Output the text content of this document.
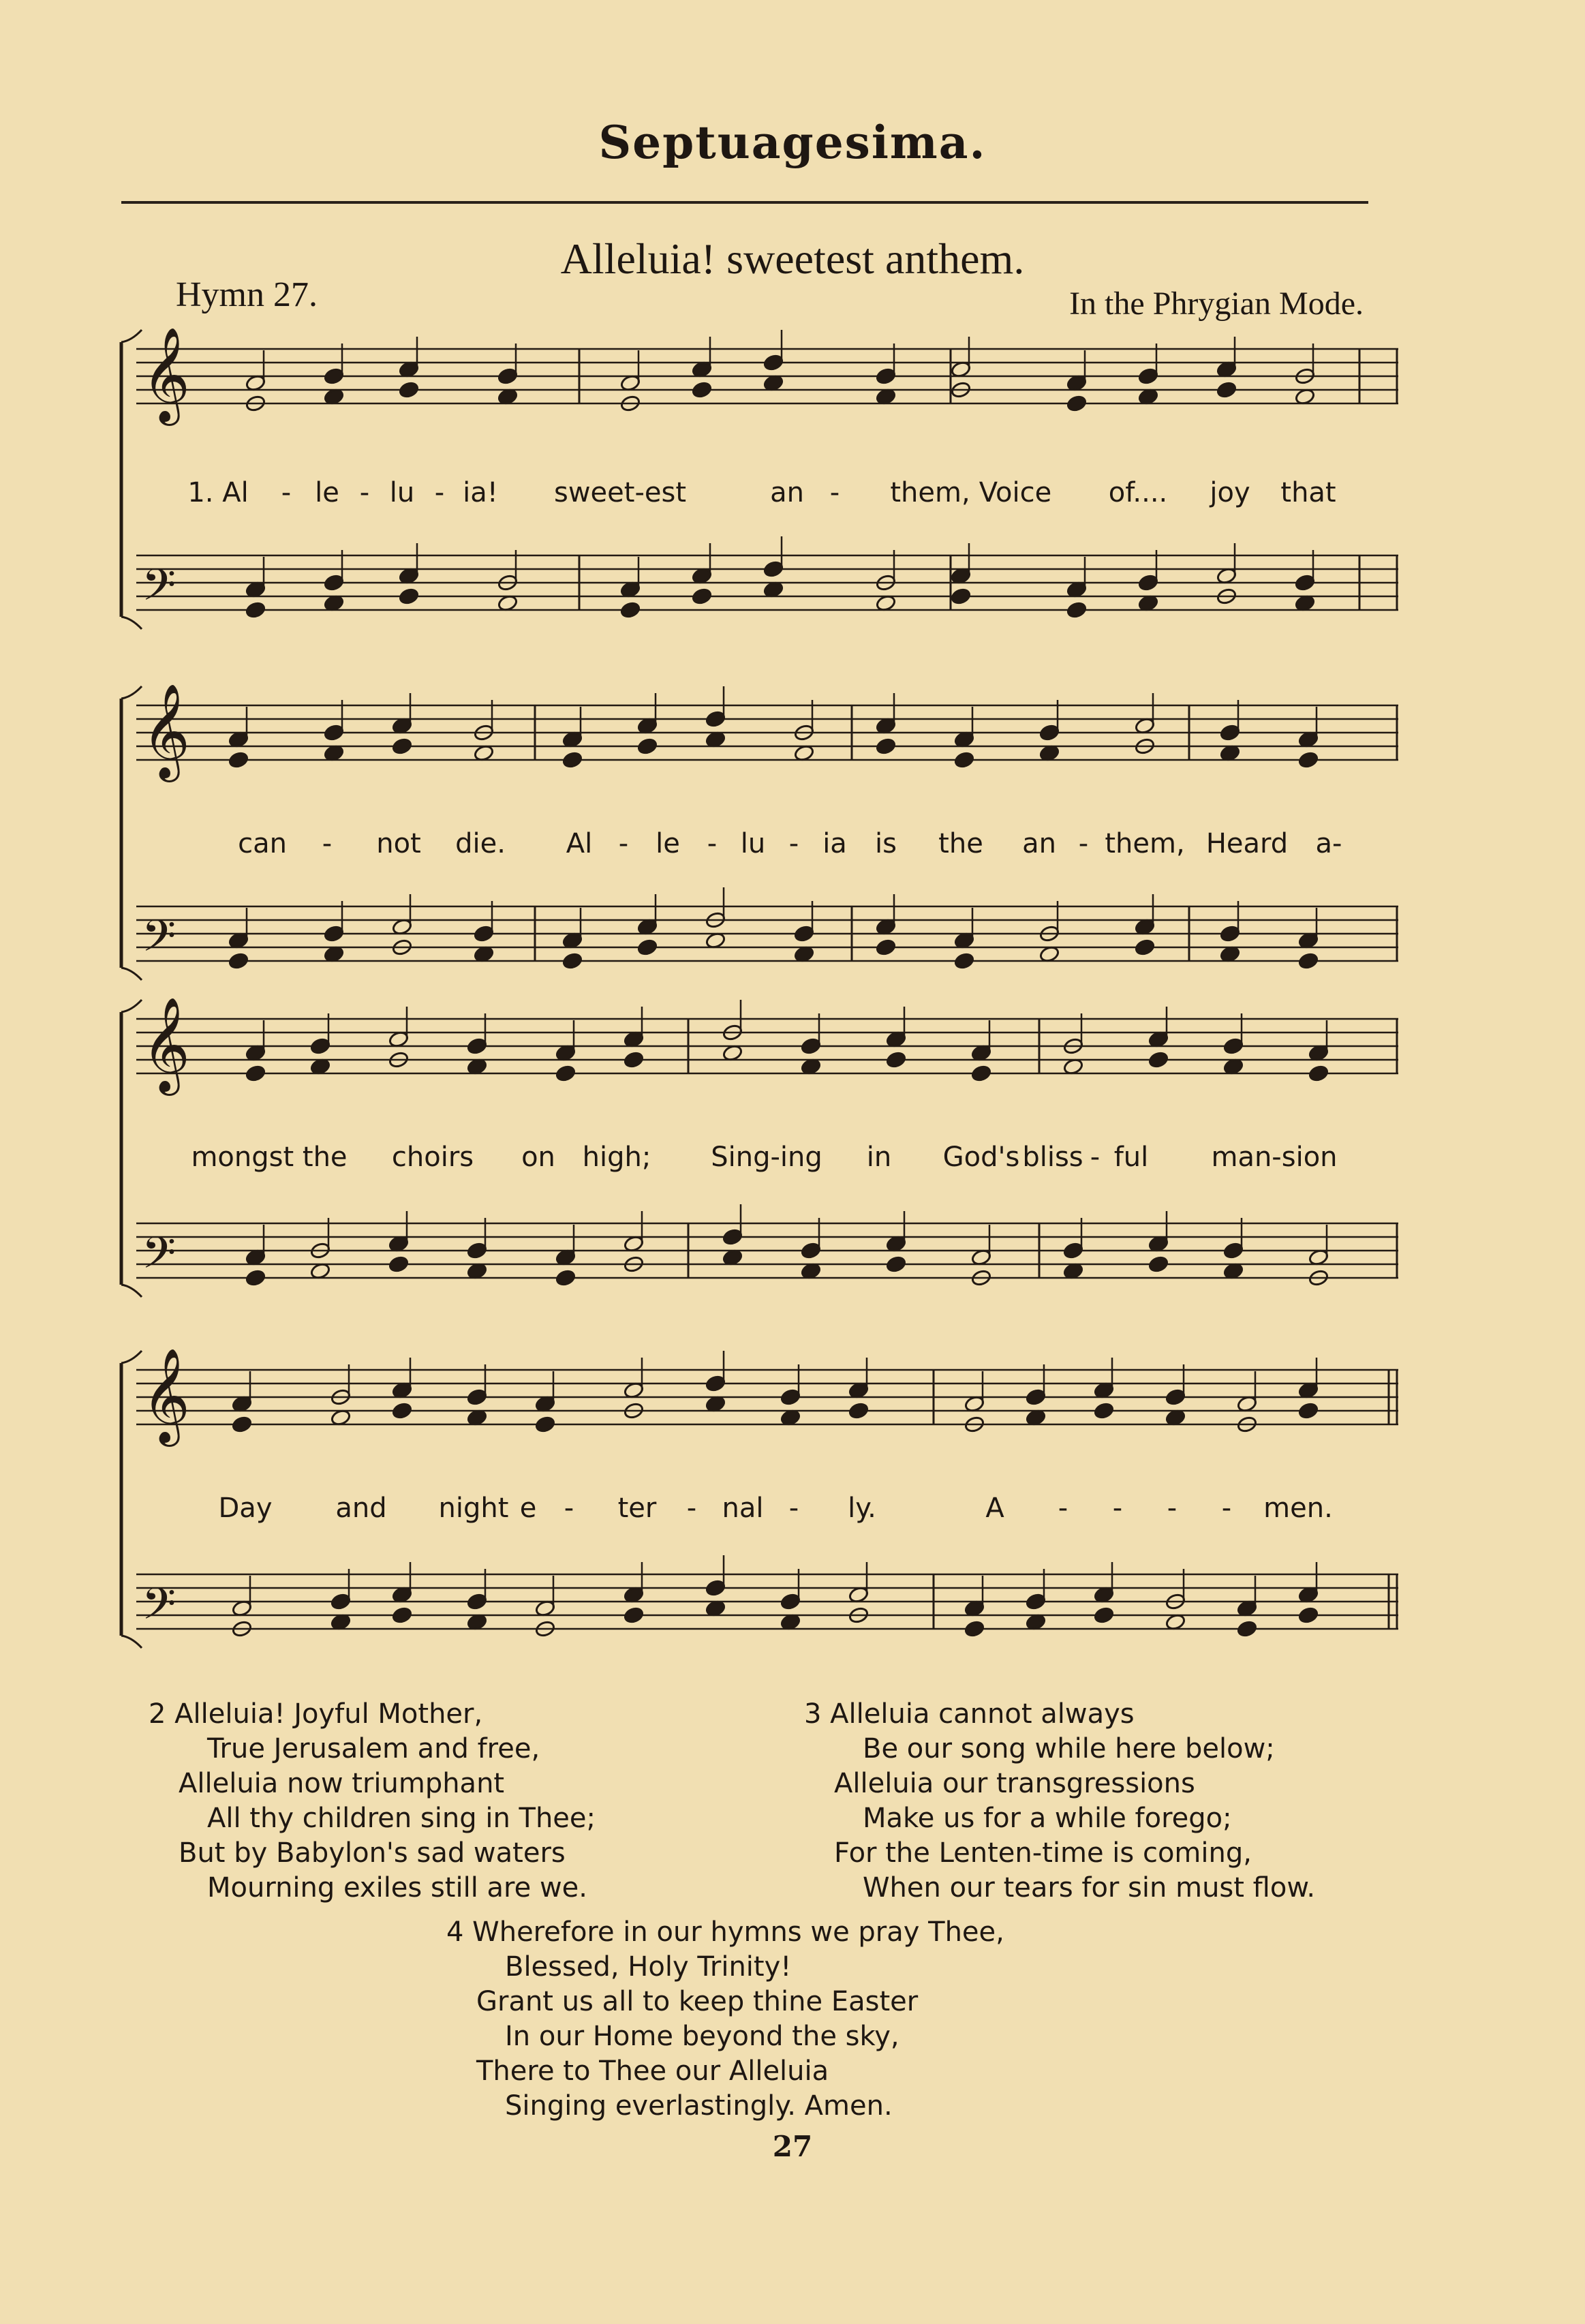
Septuagesima.
Alleluia! sweetest anthem.
Hymn 27.	In the Phrygian Mode.
𝄞
𝄢
𝄞
𝄢
𝄞
𝄢
𝄞
𝄢
1. Al - le - lu - ia! sweet-est	an - them, Voice of.... joy that
can - not die. Al - le - lu - ia is the an - them, Heard a-
mongst the choirs on high; Sing-ing in God's bliss - ful man-sion
Day and night e - ter - nal - ly.	A - - - - men.
2 Alleluia! Joyful Mother,
True Jerusalem and free,
Alleluia now triumphant
All thy children sing in Thee;
But by Babylon's sad waters
Mourning exiles still are we.
3 Alleluia cannot always
Be our song while here below;
Alleluia our transgressions
Make us for a while forego;
For the Lenten-time is coming,
When our tears for sin must flow.
4 Wherefore in our hymns we pray Thee,
Blessed, Holy Trinity!
Grant us all to keep thine Easter
In our Home beyond the sky,
There to Thee our Alleluia
Singing everlastingly. Amen.
27
